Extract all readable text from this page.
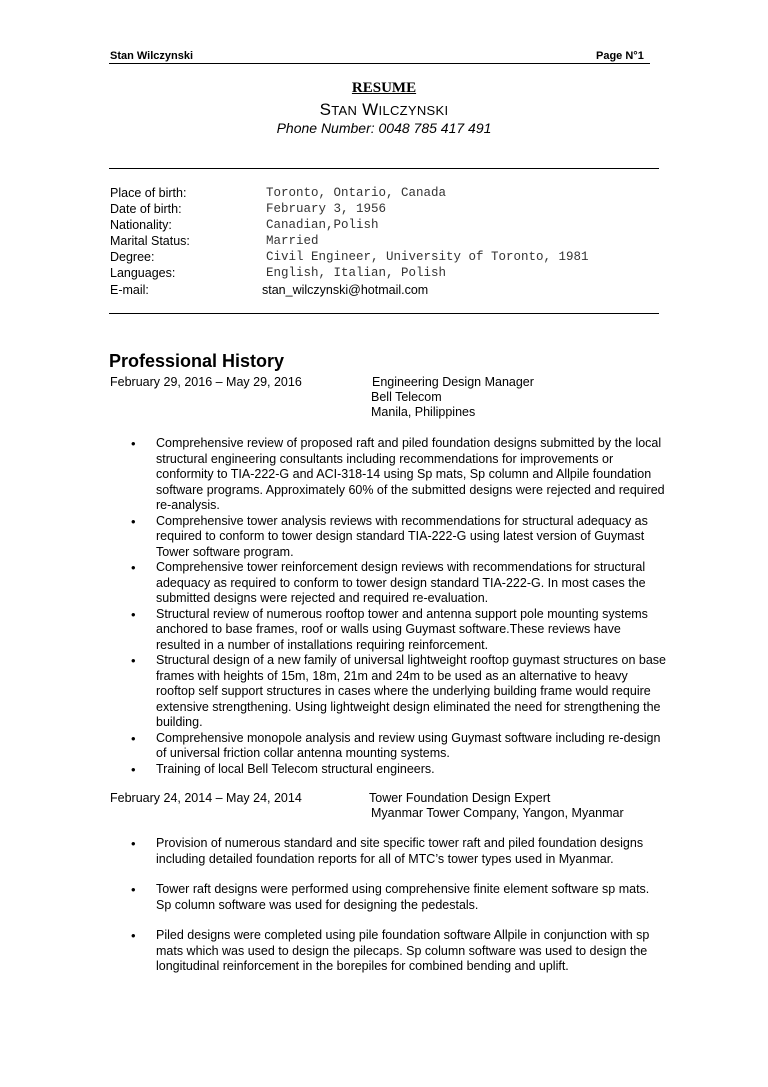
Stan Wilczynski	Page N°1
RESUME
STAN WILCZYNSKI
Phone Number: 0048 785 417 491
Place of birth:	Toronto, Ontario, Canada
Date of birth:	February 3, 1956
Nationality:	Canadian,Polish
Marital Status:	Married
Degree:	Civil Engineer, University of Toronto, 1981
Languages:	English, Italian, Polish
E-mail:	stan_wilczynski@hotmail.com
Professional History
February 29, 2016 – May 29, 2016	Engineering Design Manager
Bell Telecom
Manila, Philippines
• Comprehensive review of proposed raft and piled foundation designs submitted by the local structural engineering consultants including recommendations for improvements or conformity to TIA-222-G and ACI-318-14 using Sp mats, Sp column and Allpile foundation software programs. Approximately 60% of the submitted designs were rejected and required re-analysis.
• Comprehensive tower analysis reviews with recommendations for structural adequacy as required to conform to tower design standard TIA-222-G using latest version of Guymast Tower software program.
• Comprehensive tower reinforcement design reviews with recommendations for structural adequacy as required to conform to tower design standard TIA-222-G. In most cases the submitted designs were rejected and required re-evaluation.
• Structural review of numerous rooftop tower and antenna support pole mounting systems anchored to base frames, roof or walls using Guymast software.These reviews have resulted in a number of installations requiring reinforcement.
• Structural design of a new family of universal lightweight rooftop guymast structures on base frames with heights of 15m, 18m, 21m and 24m to be used as an alternative to heavy rooftop self support structures in cases where the underlying building frame would require extensive strengthening. Using lightweight design eliminated the need for strengthening the building.
• Comprehensive monopole analysis and review using Guymast software including re-design of universal friction collar antenna mounting systems.
• Training of local Bell Telecom structural engineers.
February 24, 2014 – May 24, 2014	Tower Foundation Design Expert
Myanmar Tower Company, Yangon, Myanmar
• Provision of numerous standard and site specific tower raft and piled foundation designs including detailed foundation reports for all of MTC’s tower types used in Myanmar.
• Tower raft designs were performed using comprehensive finite element software sp mats. Sp column software was used for designing the pedestals.
• Piled designs were completed using pile foundation software Allpile in conjunction with sp mats which was used to design the pilecaps. Sp column software was used to design the longitudinal reinforcement in the borepiles for combined bending and uplift.
